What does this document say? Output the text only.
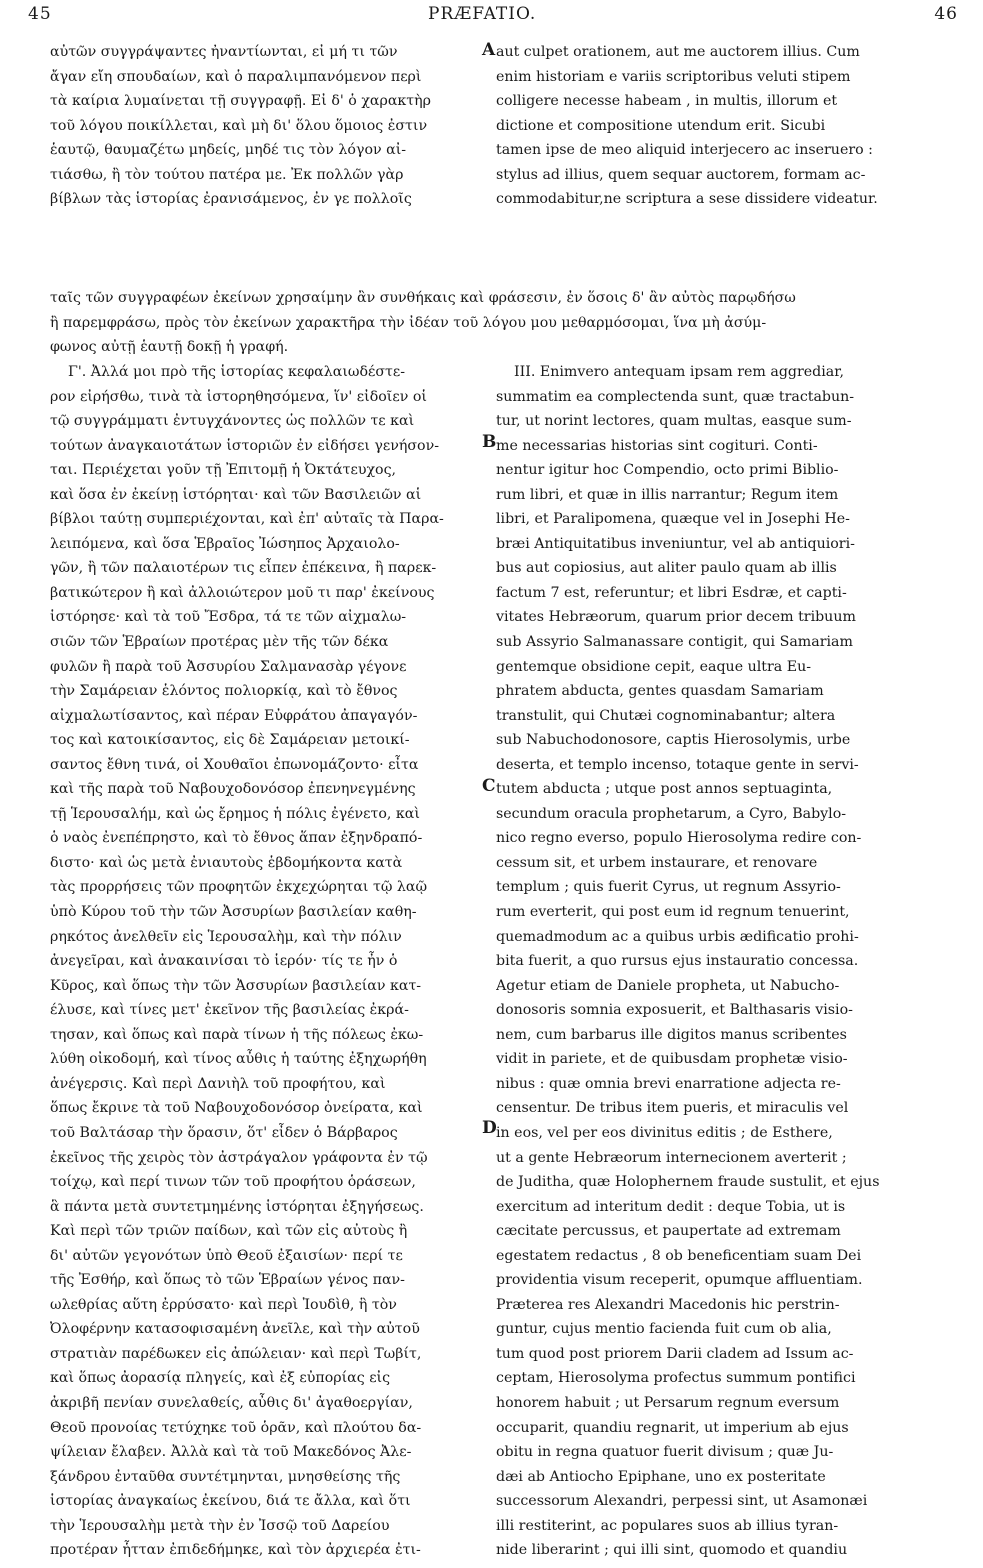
45	PRÆFATIO.	46
αὐτῶν συγγράψαντες ἠναντίωνται, εἰ μή τι τῶν
ἄγαν εἴη σπουδαίων, καὶ ὁ παραλιμπανόμενον περὶ
τὰ καίρια λυμαίνεται τῇ συγγραφῇ. Εἰ δ' ὁ χαρακτὴρ
τοῦ λόγου ποικίλλεται, καὶ μὴ δι' ὅλου ὅμοιος ἐστιν
ἑαυτῷ, θαυμαζέτω μηδείς, μηδέ τις τὸν λόγον αἰ-
τιάσθω, ἢ τὸν τούτου πατέρα με. Ἐκ πολλῶν γὰρ
βίβλων τὰς ἱστορίας ἐρανισάμενος, ἐν γε πολλοῖς
aut culpet orationem, aut me auctorem illius. Cum
enim historiam e variis scriptoribus veluti stipem
colligere necesse habeam , in multis, illorum et
dictione et compositione utendum erit. Sicubi
tamen ipse de meo aliquid interjecero ac inseruero :
stylus ad illius, quem sequar auctorem, formam ac-
commodabitur,ne scriptura a sese dissidere videatur.
ταῖς τῶν συγγραφέων ἐκείνων χρησαίμην ἂν συνθήκαις καὶ φράσεσιν, ἐν ὅσοις δ' ἂν αὐτὸς παρῳδήσω
ἢ παρεμφράσω, πρὸς τὸν ἐκείνων χαρακτῆρα τὴν ἰδέαν τοῦ λόγου μου μεθαρμόσομαι, ἵνα μὴ ἀσύμ-
φωνος αὐτῇ ἑαυτῇ δοκῇ ἡ γραφή.
Γ'. Ἀλλά μοι πρὸ τῆς ἱστορίας κεφαλαιωδέστε-
ρον εἰρήσθω, τινὰ τὰ ἱστορηθησόμενα, ἵν' εἰδοῖεν οἱ
τῷ συγγράμματι ἐντυγχάνοντες ὡς πολλῶν τε καὶ
τούτων ἀναγκαιοτάτων ἱστοριῶν ἐν εἰδήσει γενήσον-
ται. Περιέχεται γοῦν τῇ Ἐπιτομῇ ἡ Ὀκτάτευχος,
καὶ ὅσα ἐν ἐκείνῃ ἱστόρηται· καὶ τῶν Βασιλειῶν αἱ
βίβλοι ταύτῃ συμπεριέχονται, καὶ ἐπ' αὐταῖς τὰ Παρα-
λειπόμενα, καὶ ὅσα Ἑβραῖος Ἰώσηπος Ἀρχαιολο-
γῶν, ἢ τῶν παλαιοτέρων τις εἶπεν ἐπέκεινα, ἢ παρεκ-
βατικώτερον ἢ καὶ ἀλλοιώτερον μοῦ τι παρ' ἐκείνους
ἱστόρησε· καὶ τὰ τοῦ Ἔσδρα, τά τε τῶν αἰχμαλω-
σιῶν τῶν Ἑβραίων προτέρας μὲν τῆς τῶν δέκα
φυλῶν ἢ παρὰ τοῦ Ἀσσυρίου Σαλμανασὰρ γέγονε
τὴν Σαμάρειαν ἑλόντος πολιορκίᾳ, καὶ τὸ ἔθνος
αἰχμαλωτίσαντος, καὶ πέραν Εὐφράτου ἀπαγαγόν-
τος καὶ κατοικίσαντος, εἰς δὲ Σαμάρειαν μετοικί-
σαντος ἔθνη τινά, οἱ Χουθαῖοι ἐπωνομάζοντο· εἶτα
καὶ τῆς παρὰ τοῦ Ναβουχοδονόσορ ἐπενηνεγμένης
τῇ Ἱερουσαλήμ, καὶ ὡς ἔρημος ἡ πόλις ἐγένετο, καὶ
ὁ ναὸς ἐνεπέπρηστο, καὶ τὸ ἔθνος ἅπαν ἐξηνδραπό-
διστο· καὶ ὡς μετὰ ἐνιαυτοὺς ἑβδομήκοντα κατὰ
τὰς προρρήσεις τῶν προφητῶν ἐκχεχώρηται τῷ λαῷ
ὑπὸ Κύρου τοῦ τὴν τῶν Ἀσσυρίων βασιλείαν καθη-
ρηκότος ἀνελθεῖν εἰς Ἱερουσαλὴμ, καὶ τὴν πόλιν
ἀνεγεῖραι, καὶ ἀνακαινίσαι τὸ ἱερόν· τίς τε ἦν ὁ
Κῦρος, καὶ ὅπως τὴν τῶν Ἀσσυρίων βασιλείαν κατ-
έλυσε, καὶ τίνες μετ' ἐκεῖνον τῆς βασιλείας ἐκρά-
τησαν, καὶ ὅπως καὶ παρὰ τίνων ἡ τῆς πόλεως ἐκω-
λύθη οἰκοδομή, καὶ τίνος αὖθις ἡ ταύτης ἐξηχωρήθη
ἀνέγερσις. Καὶ περὶ Δανιὴλ τοῦ προφήτου, καὶ
ὅπως ἔκρινε τὰ τοῦ Ναβουχοδονόσορ ὀνείρατα, καὶ
τοῦ Βαλτάσαρ τὴν ὅρασιν, ὅτ' εἶδεν ὁ Βάρβαρος
ἐκεῖνος τῆς χειρὸς τὸν ἀστράγαλον γράφοντα ἐν τῷ
τοίχῳ, καὶ περί τινων τῶν τοῦ προφήτου ὁράσεων,
ἃ πάντα μετὰ συντετμημένης ἱστόρηται ἐξηγήσεως.
Καὶ περὶ τῶν τριῶν παίδων, καὶ τῶν εἰς αὐτοὺς ἢ
δι' αὐτῶν γεγονότων ὑπὸ Θεοῦ ἐξαισίων· περί τε
τῆς Ἐσθήρ, καὶ ὅπως τὸ τῶν Ἑβραίων γένος παν-
ωλεθρίας αὕτη ἐρρύσατο· καὶ περὶ Ἰουδὶθ, ἣ τὸν
Ὀλοφέρνην κατασοφισαμένη ἀνεῖλε, καὶ τὴν αὐτοῦ
στρατιὰν παρέδωκεν εἰς ἀπώλειαν· καὶ περὶ Τωβίτ,
καὶ ὅπως ἀορασίᾳ πληγείς, καὶ ἐξ εὐπορίας εἰς
ἀκριβῆ πενίαν συνελαθείς, αὖθις δι' ἀγαθοεργίαν,
Θεοῦ προνοίας τετύχηκε τοῦ ὁρᾶν, καὶ πλούτου δα-
ψίλειαν ἔλαβεν. Ἀλλὰ καὶ τὰ τοῦ Μακεδόνος Ἀλε-
ξάνδρου ἐνταῦθα συντέτμηνται, μνησθείσης τῆς
ἱστορίας ἀναγκαίως ἐκείνου, διά τε ἄλλα, καὶ ὅτι
τὴν Ἱερουσαλὴμ μετὰ τὴν ἐν Ἰσσῷ τοῦ Δαρείου
προτέραν ἧτταν ἐπιδεδήμηκε, καὶ τὸν ἀρχιερέα ἐτι-
III. Enimvero antequam ipsam rem aggrediar,
summatim ea complectenda sunt, quæ tractabun-
tur, ut norint lectores, quam multas, easque sum-
me necessarias historias sint cogituri. Conti-
nentur igitur hoc Compendio, octo primi Biblio-
rum libri, et quæ in illis narrantur; Regum item
libri, et Paralipomena, quæque vel in Josephi He-
bræi Antiquitatibus inveniuntur, vel ab antiquiori-
bus aut copiosius, aut aliter paulo quam ab illis
factum 7 est, referuntur; et libri Esdræ, et capti-
vitates Hebræorum, quarum prior decem tribuum
sub Assyrio Salmanassare contigit, qui Samariam
gentemque obsidione cepit, eaque ultra Eu-
phratem abducta, gentes quasdam Samariam
transtulit, qui Chutæi cognominabantur; altera
sub Nabuchodonosore, captis Hierosolymis, urbe
deserta, et templo incenso, totaque gente in servi-
tutem abducta ; utque post annos septuaginta,
secundum oracula prophetarum, a Cyro, Babylo-
nico regno everso, populo Hierosolyma redire con-
cessum sit, et urbem instaurare, et renovare
templum ; quis fuerit Cyrus, ut regnum Assyrio-
rum everterit, qui post eum id regnum tenuerint,
quemadmodum ac a quibus urbis ædificatio prohi-
bita fuerit, a quo rursus ejus instauratio concessa.
Agetur etiam de Daniele propheta, ut Nabucho-
donosoris somnia exposuerit, et Balthasaris visio-
nem, cum barbarus ille digitos manus scribentes
vidit in pariete, et de quibusdam prophetæ visio-
nibus : quæ omnia brevi enarratione adjecta re-
censentur. De tribus item pueris, et miraculis vel
in eos, vel per eos divinitus editis ; de Esthere,
ut a gente Hebræorum internecionem averterit ;
de Juditha, quæ Holophernem fraude sustulit, et ejus
exercitum ad interitum dedit : deque Tobia, ut is
cæcitate percussus, et paupertate ad extremam
egestatem redactus , 8 ob beneficentiam suam Dei
providentia visum receperit, opumque affluentiam.
Præterea res Alexandri Macedonis hic perstrin-
guntur, cujus mentio facienda fuit cum ob alia,
tum quod post priorem Darii cladem ad Issum ac-
ceptam, Hierosolyma profectus summum pontifici
honorem habuit ; ut Persarum regnum eversum
occuparit, quandiu regnarit, ut imperium ab ejus
obitu in regna quatuor fuerit divisum ; quæ Ju-
dæi ab Antiocho Epiphane, uno ex posteritate
successorum Alexandri, perpessi sint, ut Asamonæi
illi restiterint, ac populares suos ab illius tyran-
nide liberarint ; qui illi sint, quomodo et quandiu
A
B
C
D
